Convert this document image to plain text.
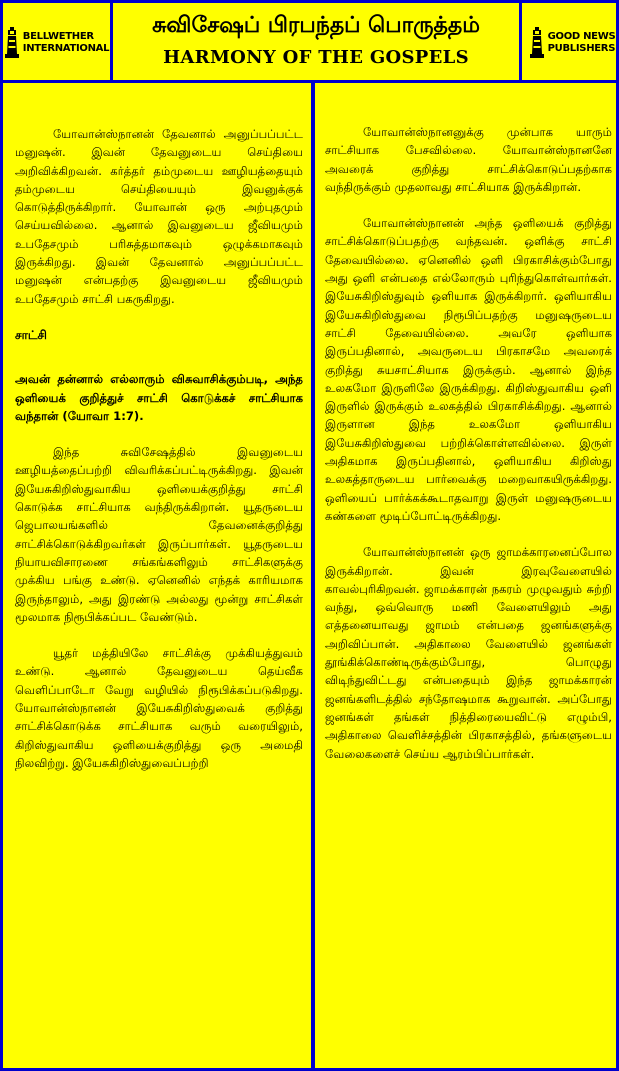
BELLWETHER
INTERNATIONAL
சுவிசேஷப் பிரபந்தப் பொருத்தம்
HARMONY OF THE GOSPELS
GOOD NEWS
PUBLISHERS

யோவான்ஸ்நானன் தேவனால் அனுப்பப்பட்ட மனுஷன். இவன் தேவனுடைய செய்தியை அறிவிக்கிறவன். கர்த்தர் தம்முடைய ஊழியத்தையும் தம்முடைய செய்தியையும் இவனுக்குக் கொடுத்திருக்கிறார். யோவான் ஒரு அற்புதமும் செய்யவில்லை. ஆனால் இவனுடைய ஜீவியமும் உபதேசமும் பரிசுத்தமாகவும் ஒழுக்கமாகவும் இருக்கிறது. இவன் தேவனால் அனுப்பப்பட்ட மனுஷன் என்பதற்கு இவனுடைய ஜீவியமும் உபதேசமும் சாட்சி பகருகிறது.

சாட்சி

அவன் தன்னால் எல்லாரும் விசுவாசிக்கும்படி, அந்த ஒளியைக் குறித்துச் சாட்சி கொடுக்கச் சாட்சியாக வந்தான் (யோவா 1:7).

இந்த சுவிசேஷத்தில் இவனுடைய ஊழியத்தைப்பற்றி விவரிக்கப்பட்டிருக்கிறது. இவன் இயேசுகிறிஸ்துவாகிய ஒளியைக்குறித்து சாட்சி கொடுக்க சாட்சியாக வந்திருக்கிறான். யூதருடைய ஜெபாலயங்களில் தேவனைக்குறித்து சாட்சிக்கொடுக்கிறவர்கள் இருப்பார்கள். யூதருடைய நியாயவிசாரணை சங்கங்களிலும் சாட்சிகளுக்கு முக்கிய பங்கு உண்டு. ஏனெனில் எந்தக் காரியமாக இருந்தாலும், அது இரண்டு அல்லது மூன்று சாட்சிகள் மூலமாக நிரூபிக்கப்பட வேண்டும்.

யூதர் மத்தியிலே சாட்சிக்கு முக்கியத்துவம் உண்டு. ஆனால் தேவனுடைய தெய்வீக வெளிப்பாடோ வேறு வழியில் நிரூபிக்கப்படுகிறது. யோவான்ஸ்நானன் இயேசுகிறிஸ்துவைக் குறித்து சாட்சிக்கொடுக்க சாட்சியாக வரும் வரையிலும், கிறிஸ்துவாகிய ஒளியைக்குறித்து ஒரு அமைதி நிலவிற்று. இயேசுகிறிஸ்துவைப்பற்றி

யோவான்ஸ்நானனுக்கு முன்பாக யாரும் சாட்சியாக பேசவில்லை. யோவான்ஸ்நானனே அவரைக் குறித்து சாட்சிக்கொடுப்பதற்காக வந்திருக்கும் முதலாவது சாட்சியாக இருக்கிறான்.

யோவான்ஸ்நானன் அந்த ஒளியைக் குறித்து சாட்சிக்கொடுப்பதற்கு வந்தவன். ஒளிக்கு சாட்சி தேவையில்லை. ஏனெனில் ஒளி பிரகாசிக்கும்போது அது ஒளி என்பதை எல்லோரும் புரிந்துகொள்வார்கள். இயேசுகிறிஸ்துவும் ஒளியாக இருக்கிறார். ஒளியாகிய இயேசுகிறிஸ்துவை நிரூபிப்பதற்கு மனுஷருடைய சாட்சி தேவையில்லை. அவரே ஒளியாக இருப்பதினால், அவருடைய பிரகாசமே அவரைக் குறித்து சுயசாட்சியாக இருக்கும். ஆனால் இந்த உலகமோ இருளிலே இருக்கிறது. கிறிஸ்துவாகிய ஒளி இருளில் இருக்கும் உலகத்தில் பிரகாசிக்கிறது. ஆனால் இருளான இந்த உலகமோ ஒளியாகிய இயேசுகிறிஸ்துவை பற்றிக்கொள்ளவில்லை. இருள் அதிகமாக இருப்பதினால், ஒளியாகிய கிறிஸ்து உலகத்தாருடைய பார்வைக்கு மறைவாகயிருக்கிறது. ஒளியைப் பார்க்கக்கூடாதவாறு இருள் மனுஷருடைய கண்களை மூடிப்போட்டிருக்கிறது.

யோவான்ஸ்நானன் ஒரு ஜாமக்காரனைப்போல இருக்கிறான். இவன் இரவுவேளையில் காவல்புரிகிறவன். ஜாமக்காரன் நகரம் முழுவதும் சுற்றி வந்து, ஒவ்வொரு மணி வேளையிலும் அது எத்தனையாவது ஜாமம் என்பதை ஜனங்களுக்கு அறிவிப்பான். அதிகாலை வேளையில் ஜனங்கள் தூங்கிக்கொண்டிருக்கும்போது, பொழுது விடிந்துவிட்டது என்பதையும் இந்த ஜாமக்காரன் ஜனங்களிடத்தில் சந்தோஷமாக கூறுவான். அப்போது ஜனங்கள் தங்கள் நித்திரையைவிட்டு எழும்பி, அதிகாலை வெளிச்சத்தின் பிரகாசத்தில், தங்களுடைய வேலைகளைச் செய்ய ஆரம்பிப்பார்கள்.
